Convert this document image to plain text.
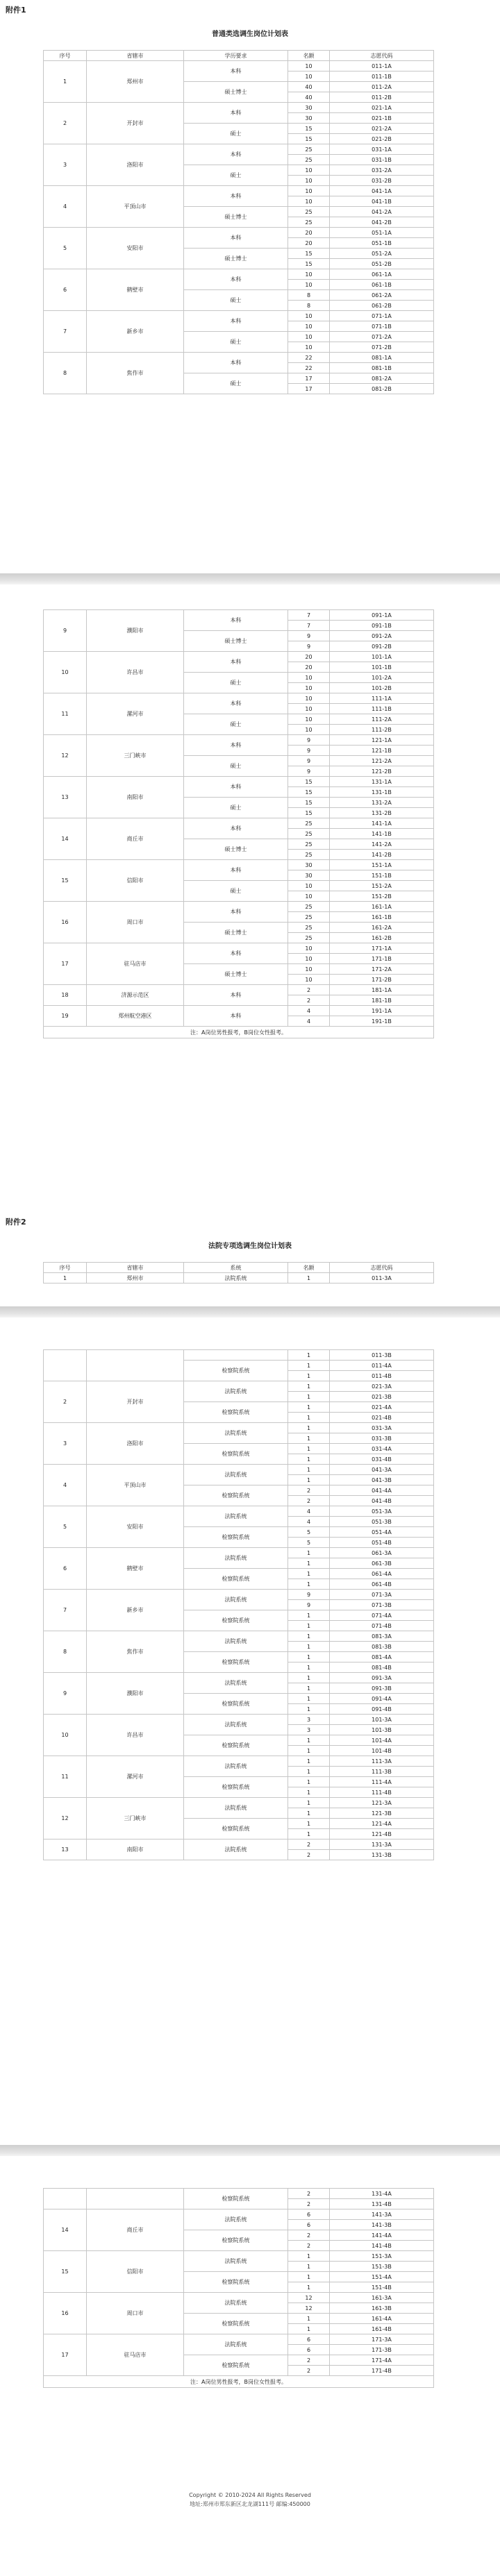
附件1
普通类选调生岗位计划表
序号	省辖市	学历要求	名额	志愿代码
1	郑州市	本科	10	011-1A
			10	011-1B
		硕士博士	40	011-2A
			40	011-2B
2	开封市	本科	30	021-1A
			30	021-1B
		硕士	15	021-2A
			15	021-2B
3	洛阳市	本科	25	031-1A
			25	031-1B
		硕士	10	031-2A
			10	031-2B
4	平顶山市	本科	10	041-1A
			10	041-1B
		硕士博士	25	041-2A
			25	041-2B
5	安阳市	本科	20	051-1A
			20	051-1B
		硕士博士	15	051-2A
			15	051-2B
6	鹤壁市	本科	10	061-1A
			10	061-1B
		硕士	8	061-2A
			8	061-2B
7	新乡市	本科	10	071-1A
			10	071-1B
		硕士	10	071-2A
			10	071-2B
8	焦作市	本科	22	081-1A
			22	081-1B
		硕士	17	081-2A
			17	081-2B
9	濮阳市	本科	7	091-1A
			7	091-1B
		硕士博士	9	091-2A
			9	091-2B
10	许昌市	本科	20	101-1A
			20	101-1B
		硕士	10	101-2A
			10	101-2B
11	漯河市	本科	10	111-1A
			10	111-1B
		硕士	10	111-2A
			10	111-2B
12	三门峡市	本科	9	121-1A
			9	121-1B
		硕士	9	121-2A
			9	121-2B
13	南阳市	本科	15	131-1A
			15	131-1B
		硕士	15	131-2A
			15	131-2B
14	商丘市	本科	25	141-1A
			25	141-1B
		硕士博士	25	141-2A
			25	141-2B
15	信阳市	本科	30	151-1A
			30	151-1B
		硕士	10	151-2A
			10	151-2B
16	周口市	本科	25	161-1A
			25	161-1B
		硕士博士	25	161-2A
			25	161-2B
17	驻马店市	本科	10	171-1A
			10	171-1B
		硕士博士	10	171-2A
			10	171-2B
18	济源示范区	本科	2	181-1A
			2	181-1B
19	郑州航空港区	本科	4	191-1A
			4	191-1B
注：A岗位男性报考，B岗位女性报考。				
附件2
法院专项选调生岗位计划表
序号	省辖市	系统	名额	志愿代码
1	郑州市	法院系统	1	011-3A
			1	011-3B
		检察院系统	1	011-4A
			1	011-4B
2	开封市	法院系统	1	021-3A
			1	021-3B
		检察院系统	1	021-4A
			1	021-4B
3	洛阳市	法院系统	1	031-3A
			1	031-3B
		检察院系统	1	031-4A
			1	031-4B
4	平顶山市	法院系统	1	041-3A
			1	041-3B
		检察院系统	2	041-4A
			2	041-4B
5	安阳市	法院系统	4	051-3A
			4	051-3B
		检察院系统	5	051-4A
			5	051-4B
6	鹤壁市	法院系统	1	061-3A
			1	061-3B
		检察院系统	1	061-4A
			1	061-4B
7	新乡市	法院系统	9	071-3A
			9	071-3B
		检察院系统	1	071-4A
			1	071-4B
8	焦作市	法院系统	1	081-3A
			1	081-3B
		检察院系统	1	081-4A
			1	081-4B
9	濮阳市	法院系统	1	091-3A
			1	091-3B
		检察院系统	1	091-4A
			1	091-4B
10	许昌市	法院系统	3	101-3A
			3	101-3B
		检察院系统	1	101-4A
			1	101-4B
11	漯河市	法院系统	1	111-3A
			1	111-3B
		检察院系统	1	111-4A
			1	111-4B
12	三门峡市	法院系统	1	121-3A
			1	121-3B
		检察院系统	1	121-4A
			1	121-4B
13	南阳市	法院系统	2	131-3A
			2	131-3B
		检察院系统	2	131-4A
			2	131-4B
14	商丘市	法院系统	6	141-3A
			6	141-3B
		检察院系统	2	141-4A
			2	141-4B
15	信阳市	法院系统	1	151-3A
			1	151-3B
		检察院系统	1	151-4A
			1	151-4B
16	周口市	法院系统	12	161-3A
			12	161-3B
		检察院系统	1	161-4A
			1	161-4B
17	驻马店市	法院系统	6	171-3A
			6	171-3B
		检察院系统	2	171-4A
			2	171-4B
注：A岗位男性报考，B岗位女性报考。				
Copyright © 2010-2024 All Rights Reserved
地址:郑州市郑东新区北龙湖111号 邮编:450000
